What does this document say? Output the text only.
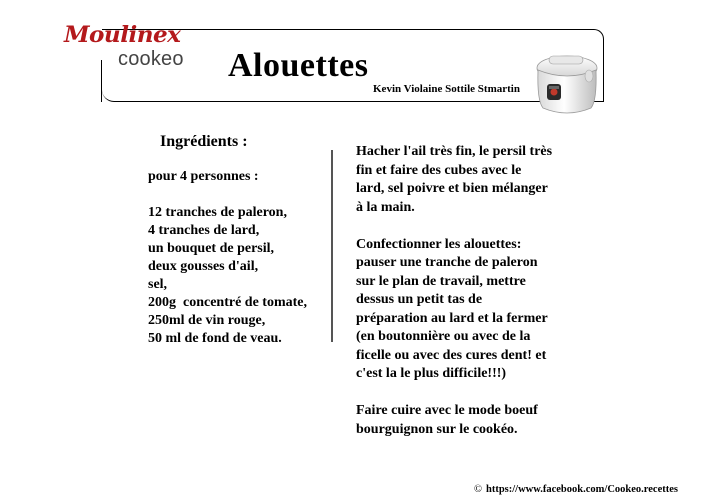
Moulinex
cookeo Alouettes
Kevin Violaine Sottile Stmartin
Ingrédients :
pour 4 personnes :
12 tranches de paleron,
4 tranches de lard,
un bouquet de persil,
deux gousses d'ail,
sel,
200g  concentré de tomate,
250ml de vin rouge,
50 ml de fond de veau.
Hacher l'ail très fin, le persil très
fin et faire des cubes avec le
lard, sel poivre et bien mélanger
à la main.
Confectionner les alouettes:
pauser une tranche de paleron
sur le plan de travail, mettre
dessus un petit tas de
préparation au lard et la fermer
(en boutonnière ou avec de la
ficelle ou avec des cures dent! et
c'est la le plus difficile!!!)
Faire cuire avec le mode boeuf
bourguignon sur le cookéo.
© https://www.facebook.com/Cookeo.recettes
